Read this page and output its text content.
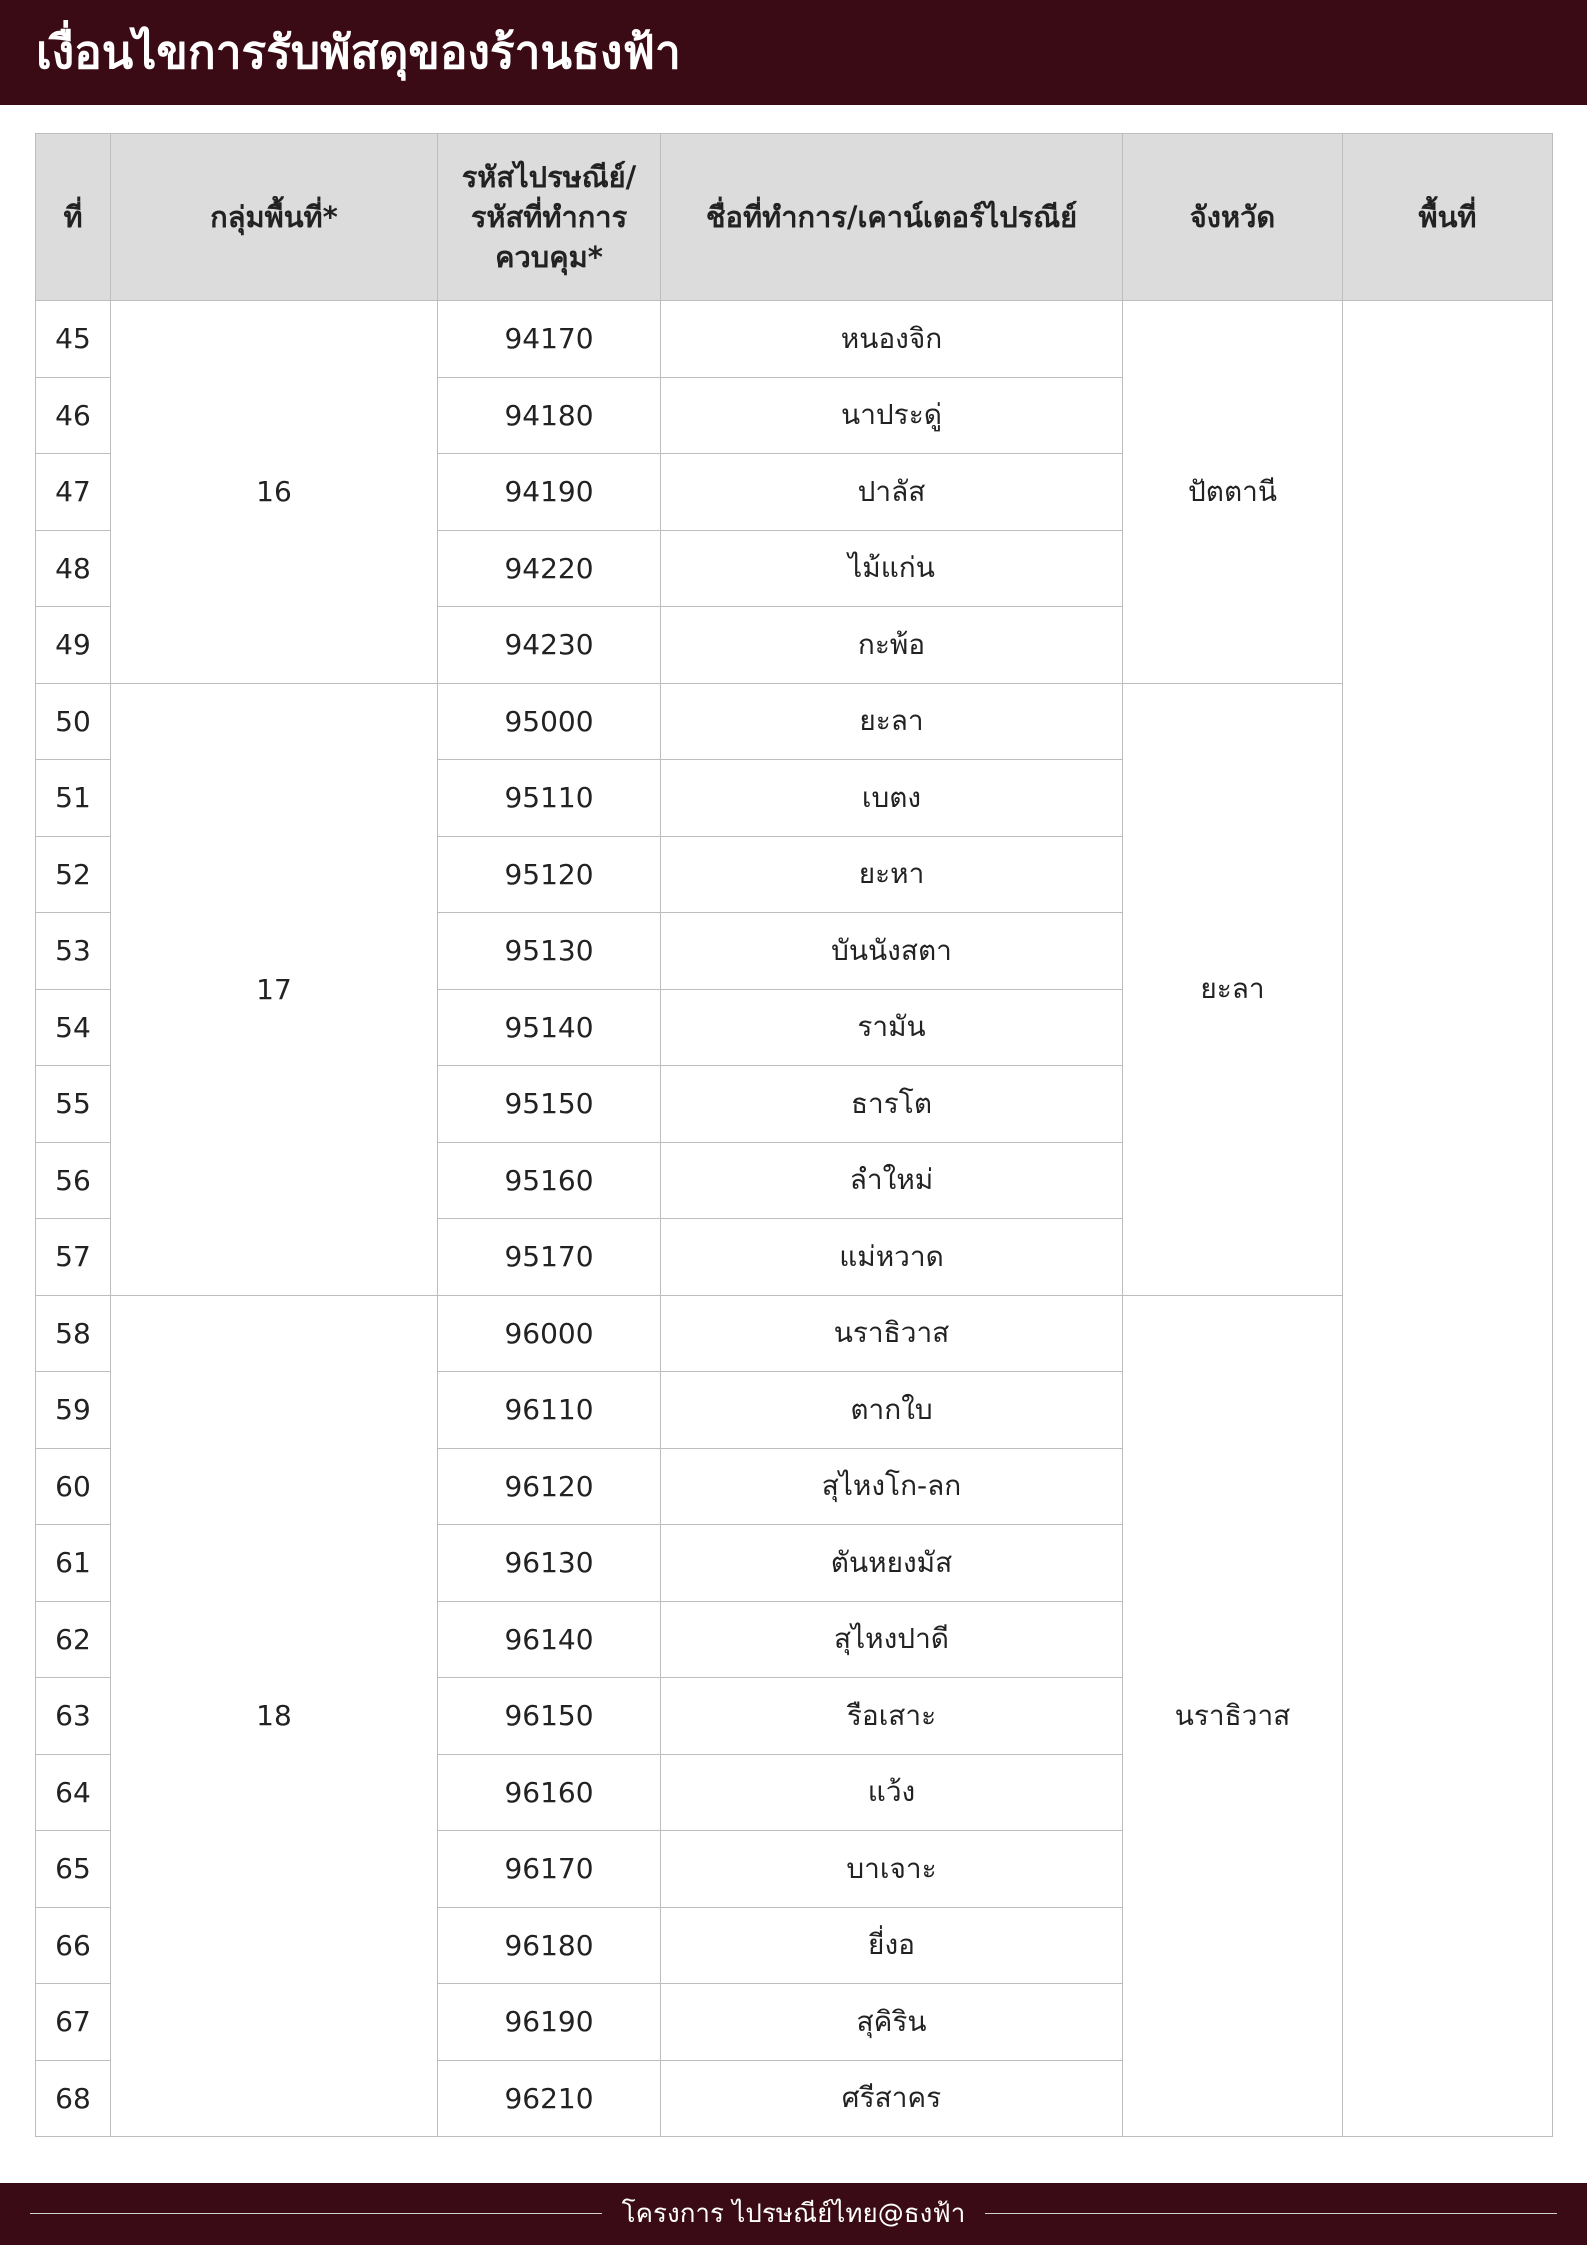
เงื่อนไขการรับพัสดุของร้านธงฟ้า
ที่	กลุ่มพื้นที่*	รหัสไปรษณีย์/
รหัสที่ทำการ
ควบคุม*	ชื่อที่ทำการ/เคาน์เตอร์ไปรณีย์	จังหวัด	พื้นที่
45	16	94170	หนองจิก	ปัตตานี	
46		94180	นาประดู่		
47		94190	ปาลัส		
48		94220	ไม้แก่น		
49		94230	กะพ้อ		
50	17	95000	ยะลา	ยะลา	
51		95110	เบตง		
52		95120	ยะหา		
53		95130	บันนังสตา		
54		95140	รามัน		
55		95150	ธารโต		
56		95160	ลำใหม่		
57		95170	แม่หวาด		
58	18	96000	นราธิวาส	นราธิวาส	
59		96110	ตากใบ		
60		96120	สุไหงโก-ลก		
61		96130	ตันหยงมัส		
62		96140	สุไหงปาดี		
63		96150	รือเสาะ		
64		96160	แว้ง		
65		96170	บาเจาะ		
66		96180	ยี่งอ		
67		96190	สุคิริน		
68		96210	ศรีสาคร		
โครงการ ไปรษณีย์ไทย@ธงฟ้า
